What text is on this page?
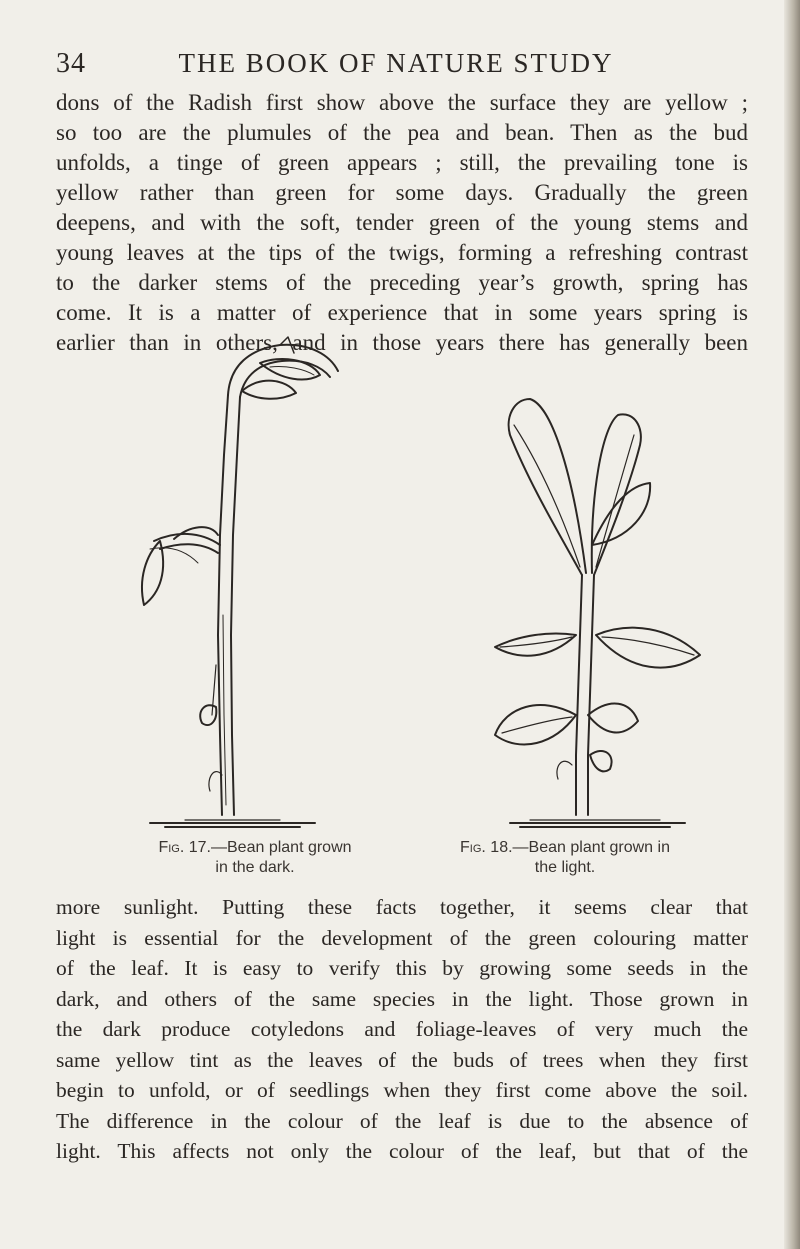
34	THE BOOK OF NATURE STUDY

dons of the Radish first show above the surface they are yellow ;
so too are the plumules of the pea and bean. Then as the bud
unfolds, a tinge of green appears ; still, the prevailing tone is
yellow rather than green for some days. Gradually the green
deepens, and with the soft, tender green of the young stems and
young leaves at the tips of the twigs, forming a refreshing contrast
to the darker stems of the preceding year’s growth, spring has
come. It is a matter of experience that in some years spring is
earlier than in others, and in those years there has generally been

Fig. 17.—Bean plant grown
in the dark.
Fig. 18.—Bean plant grown in
the light.

more sunlight. Putting these facts together, it seems clear that
light is essential for the development of the green colouring matter
of the leaf. It is easy to verify this by growing some seeds in the
dark, and others of the same species in the light. Those grown in
the dark produce cotyledons and foliage-leaves of very much the
same yellow tint as the leaves of the buds of trees when they first
begin to unfold, or of seedlings when they first come above the soil.
The difference in the colour of the leaf is due to the absence of
light. This affects not only the colour of the leaf, but that of the
